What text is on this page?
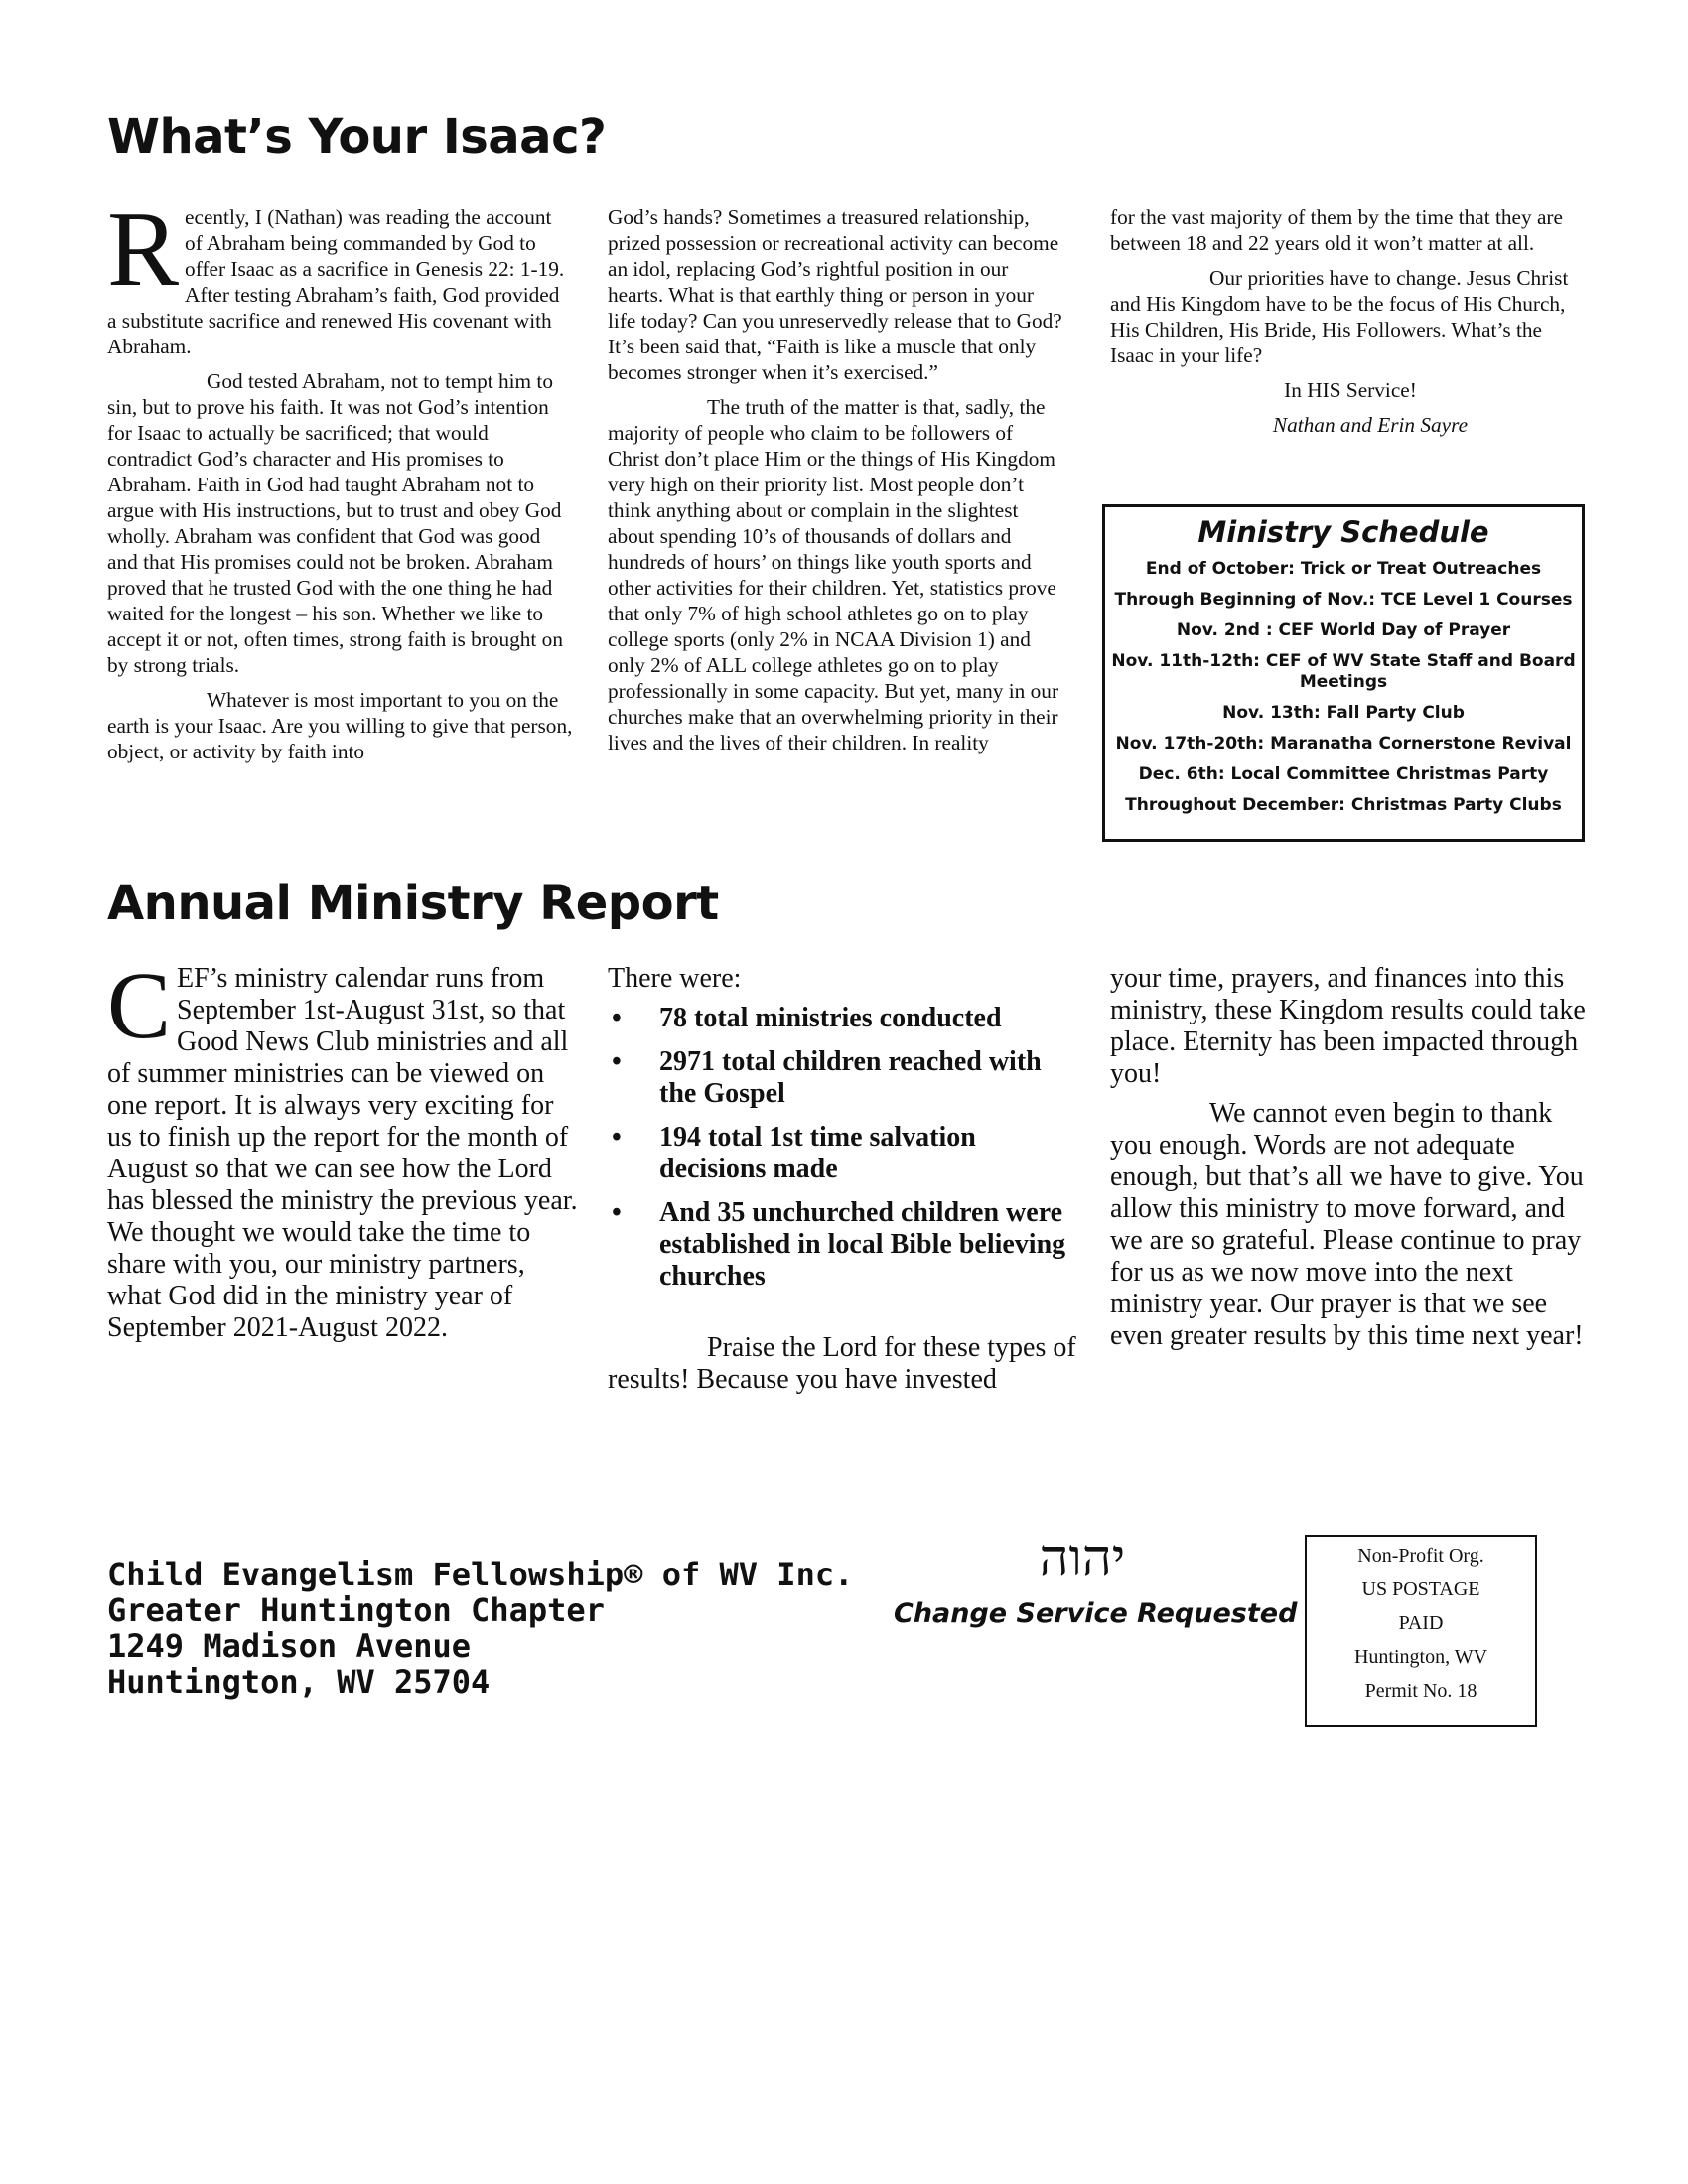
What’s Your Isaac?

Recently, I (Nathan) was reading the account of Abraham being commanded by God to offer Isaac as a sacrifice in Genesis 22: 1-19. After testing Abraham’s faith, God provided a substitute sacrifice and renewed His covenant with Abraham.

God tested Abraham, not to tempt him to sin, but to prove his faith. It was not God’s intention for Isaac to actually be sacrificed; that would contradict God’s character and His promises to Abraham. Faith in God had taught Abraham not to argue with His instructions, but to trust and obey God wholly. Abraham was confident that God was good and that His promises could not be broken. Abraham proved that he trusted God with the one thing he had waited for the longest – his son. Whether we like to accept it or not, often times, strong faith is brought on by strong trials.

Whatever is most important to you on the earth is your Isaac. Are you willing to give that person, object, or activity by faith into

God’s hands? Sometimes a treasured relationship, prized possession or recreational activity can become an idol, replacing God’s rightful position in our hearts. What is that earthly thing or person in your life today? Can you unreservedly release that to God? It’s been said that, “Faith is like a muscle that only becomes stronger when it’s exercised.”

The truth of the matter is that, sadly, the majority of people who claim to be followers of Christ don’t place Him or the things of His Kingdom very high on their priority list. Most people don’t think anything about or complain in the slightest about spending 10’s of thousands of dollars and hundreds of hours’ on things like youth sports and other activities for their children. Yet, statistics prove that only 7% of high school athletes go on to play college sports (only 2% in NCAA Division 1) and only 2% of ALL college athletes go on to play professionally in some capacity. But yet, many in our churches make that an overwhelming priority in their lives and the lives of their children. In reality

for the vast majority of them by the time that they are between 18 and 22 years old it won’t matter at all.

Our priorities have to change. Jesus Christ and His Kingdom have to be the focus of His Church, His Children, His Bride, His Followers. What’s the Isaac in your life?

In HIS Service!

Nathan and Erin Sayre

Ministry Schedule
End of October: Trick or Treat Outreaches
Through Beginning of Nov.: TCE Level 1 Courses
Nov. 2nd : CEF World Day of Prayer
Nov. 11th-12th: CEF of WV State Staff and Board Meetings
Nov. 13th: Fall Party Club
Nov. 17th-20th: Maranatha Cornerstone Revival
Dec. 6th: Local Committee Christmas Party
Throughout December: Christmas Party Clubs
Annual Ministry Report

CEF’s ministry calendar runs from September 1st-August 31st, so that Good News Club ministries and all of summer ministries can be viewed on one report. It is always very exciting for us to finish up the report for the month of August so that we can see how the Lord has blessed the ministry the previous year. We thought we would take the time to share with you, our ministry partners, what God did in the ministry year of September 2021-August 2022.

There were:

• 78 total ministries conducted
• 2971 total children reached with the Gospel
• 194 total 1st time salvation decisions made
• And 35 unchurched children were established in local Bible believing churches

Praise the Lord for these types of results! Because you have invested

your time, prayers, and finances into this ministry, these Kingdom results could take place. Eternity has been impacted through you!

We cannot even begin to thank you enough. Words are not adequate enough, but that’s all we have to give. You allow this ministry to move forward, and we are so grateful. Please continue to pray for us as we now move into the next ministry year. Our prayer is that we see even greater results by this time next year!

Child Evangelism Fellowship® of WV Inc.
Greater Huntington Chapter
1249 Madison Avenue
Huntington, WV 25704
יהוה
Change Service Requested
Non-Profit Org.
US POSTAGE
PAID
Huntington, WV
Permit No. 18
